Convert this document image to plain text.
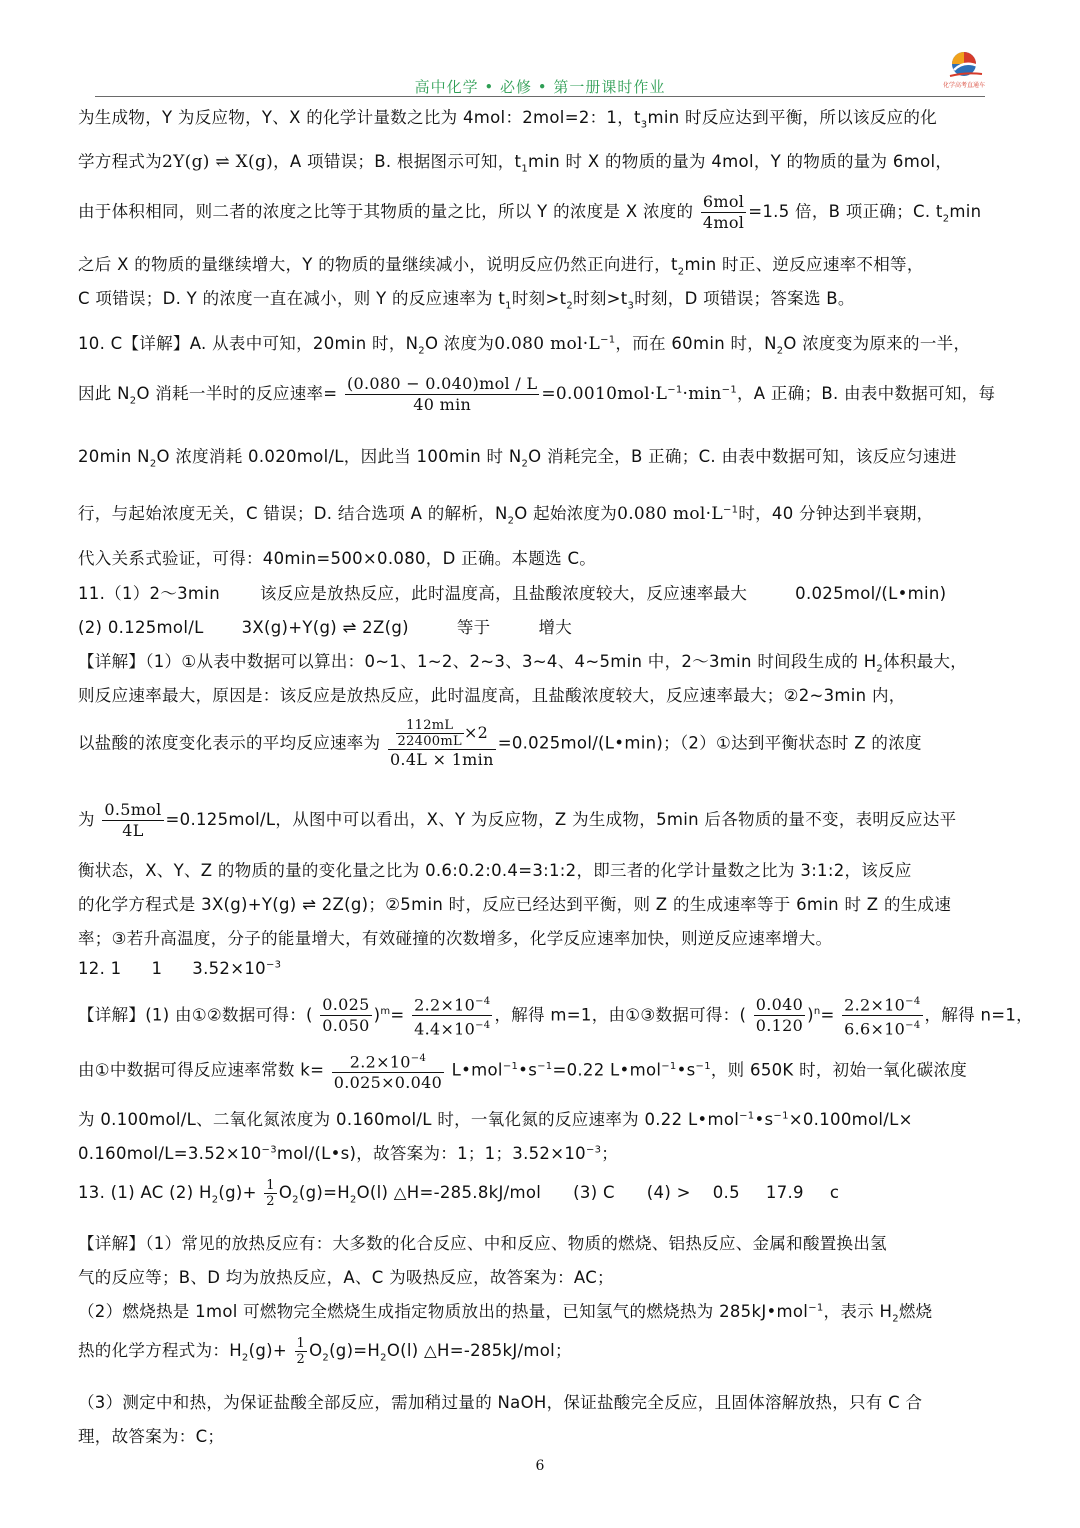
高中化学 • 必修 • 第一册课时作业	化学高考直通车
为生成物，Y 为反应物，Y、X 的化学计量数之比为 4mol：2mol=2：1，$t_3\min$ 时反应达到平衡，所以该反应的化
学方程式为2Y(g) ⇌ X(g)，A 项错误；B. 根据图示可知，$t_1\min$ 时 X 的物质的量为 4mol，Y 的物质的量为 6mol，
由于体积相同，则二者的浓度之比等于其物质的量之比，所以 Y 的浓度是 X 浓度的 $\frac{\text{6mol}}{\text{4mol}} =1.5$ 倍，B 项正确；C. $t_2\min$
之后 X 的物质的量继续增大，Y 的物质的量继续减小，说明反应仍然正向进行，$t_2\min$ 时正、逆反应速率不相等，
C 项错误；D. Y 的浓度一直在减小，则 Y 的反应速率为 $t_1$时刻$>t_2$时刻$>t_3$时刻，D 项错误；答案选 B。
10. C【详解】A. 从表中可知，20min 时，$N_2O$ 浓度为0.080 $mol\cdot L^{-1}$，而在 60min 时，$N_2O$ 浓度变为原来的一半，
因此 $N_2O$ 消耗一半时的反应速率= $\frac{\text{(0.080 − 0.040)mol / L}}{40 \min} =0.0010mol\cdot L^{-1}\cdot\min^{-1}$，A 正确；B. 由表中数据可知，每
20min $N_2O$ 浓度消耗 0.020mol/L，因此当 100min 时 $N_2O$ 消耗完全，B 正确；C. 由表中数据可知，该反应匀速进
行，与起始浓度无关，C 错误；D. 结合选项 A 的解析，$N_2O$ 起始浓度为0.080 $mol\cdot L^{-1}$时，40 分钟达到半衰期，
代入关系式验证，可得：40min=500×0.080，D 正确。本题选 C。
11.（1）2～3min 该反应是放热反应，此时温度高，且盐酸浓度较大，反应速率最大	0.025mol/(L•min)
(2) 0.125mol/L 3X(g)+Y(g) ⇌ 2Z(g)	等于	增大
【详解】（1）①从表中数据可以算出：0~1、1~2、2~3、3~4、4~5min 中，2～3min 时间段生成的 $H_2$体积最大，
则反应速率最大，原因是：该反应是放热反应，此时温度高，且盐酸浓度较大，反应速率最大；②2~3min 内，
以盐酸的浓度变化表示的平均反应速率为 $\frac{\frac{112mL}{22400mL} \times 2}{0.4L \times 1\min}$ =0.025mol/(L•min)；（2）①达到平衡状态时 Z 的浓度
为 $\frac{\text{0.5mol}}{4L} =0.125mol/L$，从图中可以看出，X、Y 为反应物，Z 为生成物，5min 后各物质的量不变，表明反应达平
衡状态，X、Y、Z 的物质的量的变化量之比为 0.6:0.2:0.4=3:1:2，即三者的化学计量数之比为 3:1:2，该反应
的化学方程式是 3X(g)+Y(g) ⇌ 2Z(g)；②5min 时，反应已经达到平衡，则 Z 的生成速率等于 6min 时 Z 的生成速
率；③若升高温度，分子的能量增大，有效碰撞的次数增多，化学反应速率加快，则逆反应速率增大。
12. 1 1 $3.52\times 10^{-3}$
【详解】(1) 由①②数据可得：( $\frac{0.025}{0.050} )^m= \frac{2.2\times 10^{-4}}{4.4\times 10^{-4}}$ ，解得 m=1，由①③数据可得：( $\frac{0.040}{0.120} )^n= \frac{2.2\times 10^{-4}}{6.6\times 10^{-4}}$ ，解得 n=1，
由①中数据可得反应速率常数 $k= \frac{2.2\times 10^{-4}}{0.025\times 0.040}$ $L•mol^{-1}•s^{-1}=0.22$ $L•mol^{-1}•s^{-1}$，则 650K 时，初始一氧化碳浓度
为 0.100mol/L、二氧化氮浓度为 0.160mol/L 时，一氧化氮的反应速率为 0.22 $L•mol^{-1}•s^{-1}\times 0.100mol/L\times$
$0.160mol/L=3.52\times 10^{-3}mol/(L•s)$，故答案为：1；1；$3.52\times 10^{-3}$；
13. (1) AC (2) $H_2(g)+ \frac{1}{2} O_2(g)=H_2O(l)$ △H=-285.8kJ/mol (3) C (4) > 0.5 17.9 c
【详解】（1）常见的放热反应有：大多数的化合反应、中和反应、物质的燃烧、铝热反应、金属和酸置换出氢
气的反应等；B、D 均为放热反应，A、C 为吸热反应，故答案为：AC；
（2）燃烧热是 1mol 可燃物完全燃烧生成指定物质放出的热量，已知氢气的燃烧热为 285kJ•mol$^{-1}$，表示 $H_2$燃烧
热的化学方程式为：$H_2(g)+ \frac{1}{2} O_2(g)=H_2O(l)$ △H=-285kJ/mol；
（3）测定中和热，为保证盐酸全部反应，需加稍过量的 NaOH，保证盐酸完全反应，且固体溶解放热，只有 C 合
理，故答案为：C；
6
